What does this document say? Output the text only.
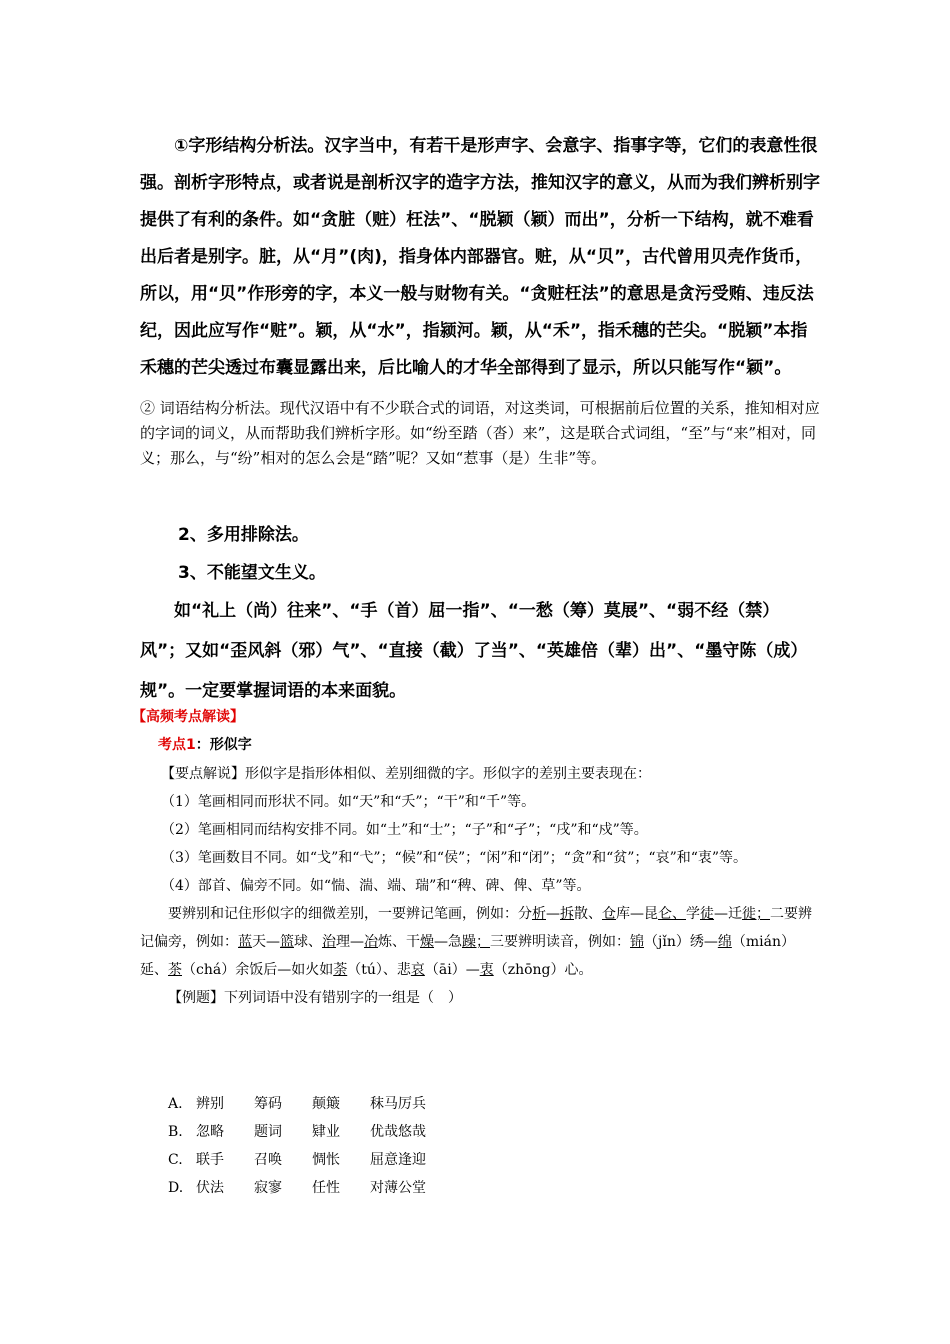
①字形结构分析法。汉字当中，有若干是形声字、会意字、指事字等，它们的表意性很强。剖析字形特点，或者说是剖析汉字的造字方法，推知汉字的意义，从而为我们辨析别字提供了有利的条件。如“贪脏（赃）枉法”、“脱颖（颖）而出”，分析一下结构，就不难看出后者是别字。脏，从“月”(肉)，指身体内部器官。赃，从“贝”，古代曾用贝壳作货币，所以，用“贝”作形旁的字，本义一般与财物有关。“贪赃枉法”的意思是贪污受贿、违反法纪，因此应写作“赃”。颖，从“水”，指颍河。颖，从“禾”，指禾穗的芒尖。“脱颖”本指禾穗的芒尖透过布囊显露出来，后比喻人的才华全部得到了显示，所以只能写作“颖”。

② 词语结构分析法。现代汉语中有不少联合式的词语，对这类词，可根据前后位置的关系，推知相对应的字词的词义，从而帮助我们辨析字形。如“纷至踏（沓）来”，这是联合式词组，“至”与“来”相对，同义；那么，与“纷”相对的怎么会是“踏”呢？又如“惹事（是）生非”等。

2、多用排除法。
3、不能望文生义。

如“礼上（尚）往来”、“手（首）屈一指”、“一愁（筹）莫展”、“弱不经（禁） 风”；又如“歪风斜（邪）气”、“直接（截）了当”、“英雄倍（辈）出”、“墨守陈（成）规”。一定要掌握词语的本来面貌。

【高频考点解读】
考点1：形似字

【要点解说】形似字是指形体相似、差别细微的字。形似字的差别主要表现在：

（1）笔画相同而形状不同。如“天”和“夭”；“干”和“千”等。

（2）笔画相同而结构安排不同。如“土”和“士”；“子”和“孑”；“戌”和“戍”等。

（3）笔画数目不同。如“戈”和“弋”；“候”和“侯”；“闲”和“闭”；“贪”和“贫”；“哀”和“衷”等。

（4）部首、偏旁不同。如“惴、湍、端、瑞”和“稗、碑、俾、草”等。

要辨别和记住形似字的细微差别，一要辨记笔画，例如：分析—拆散、仓库—昆仑、学徒—迁徙；二要辨记偏旁，例如：蓝天—篮球、治理—冶炼、干燥—急躁；三要辨明读音，例如：锦（jǐn）绣—绵（mián）延、茶（chá）余饭后—如火如荼（tú）、悲哀（āi）—衷（zhōng）心。

【例题】下列词语中没有错别字的一组是（　）

A. 辨别	筹码	颠簸	秣马厉兵
B. 忽略	题词	肄业	优哉悠哉
C. 联手	召唤	惆怅	屈意逢迎
D. 伏法	寂寥	任性	对薄公堂
